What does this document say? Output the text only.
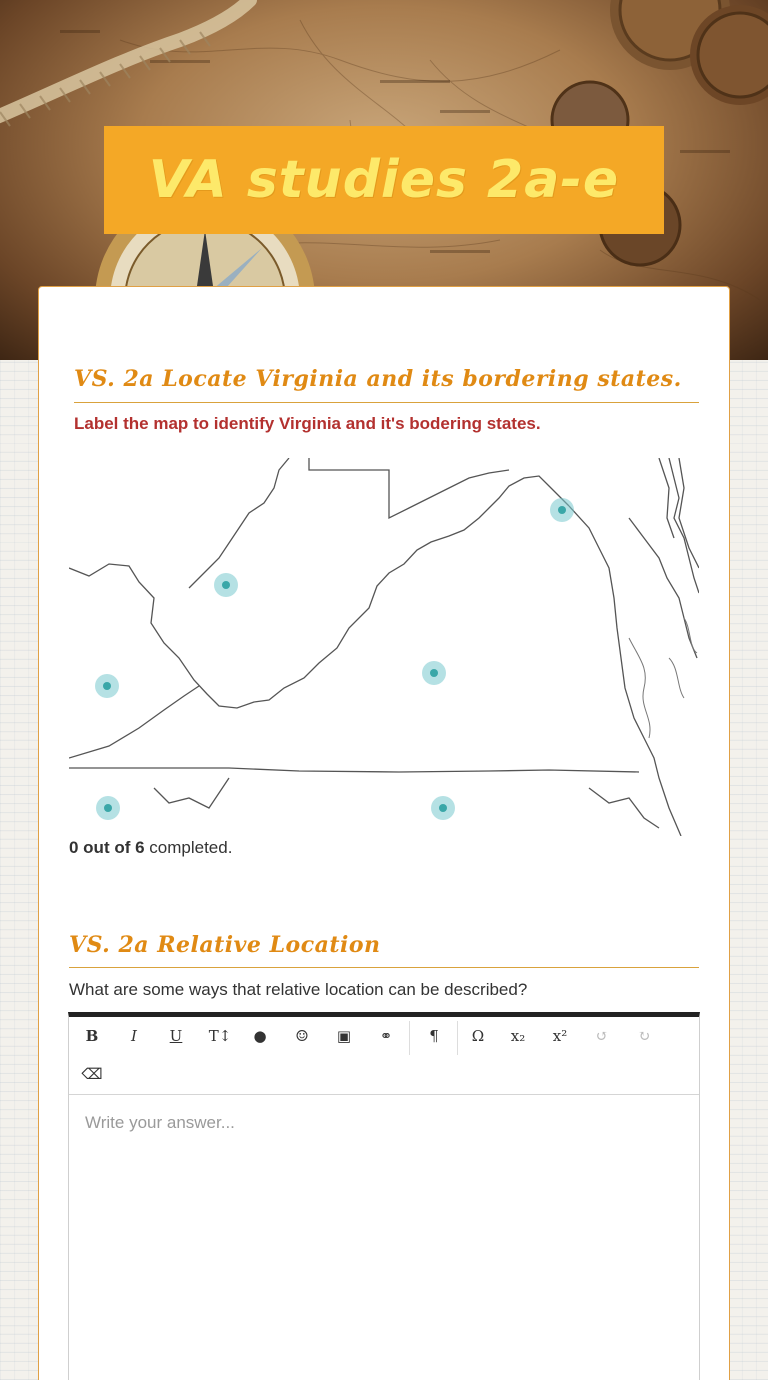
VA studies 2a-e
VS. 2a Locate Virginia and its bordering states.
Label the map to identify Virginia and it's bodering states.
0 out of 6 completed.
VS. 2a Relative Location
What are some ways that relative location can be described?
B	I	U	T↕	●	☺	▣	⚭	¶	Ω	x₂	x²	↺	↻
⌫
Write your answer...
